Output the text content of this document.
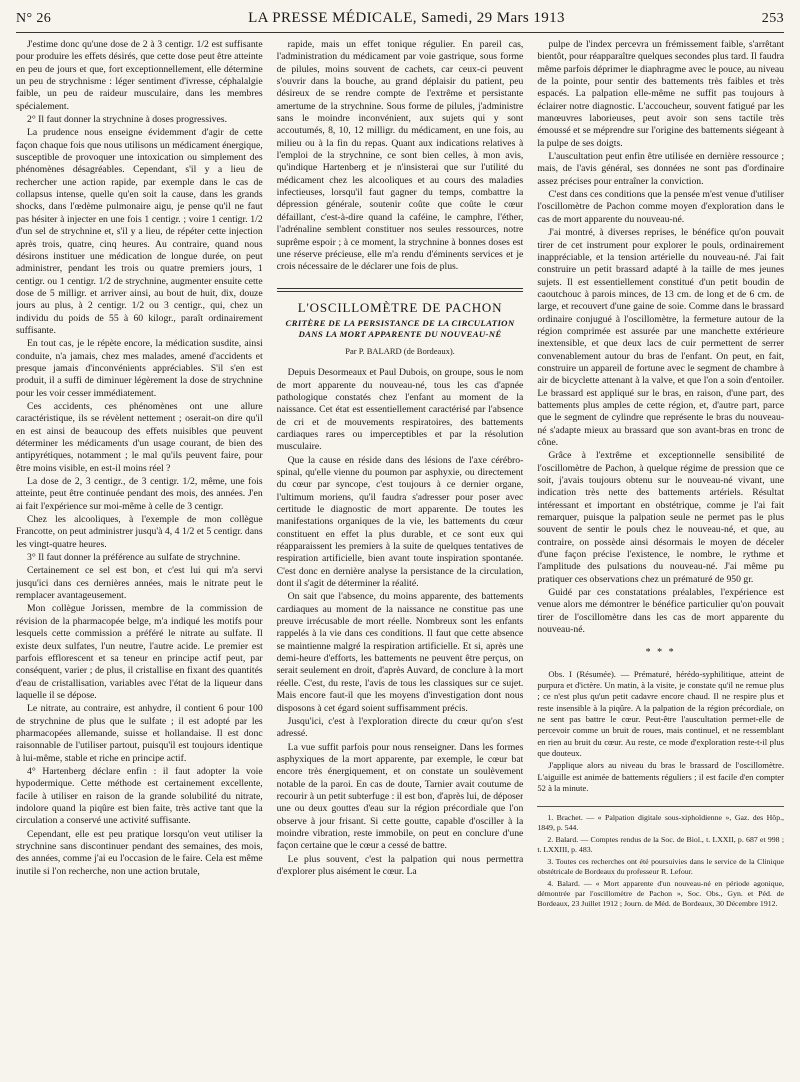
N° 26	LA PRESSE MÉDICALE, Samedi, 29 Mars 1913	253

J'estime donc qu'une dose de 2 à 3 centigr. 1/2 est suffisante pour produire les effets désirés, que cette dose peut être atteinte en peu de jours et que, fort exceptionnellement, elle détermine un peu de strychnisme : léger sentiment d'ivresse, céphalalgie faible, un peu de raideur musculaire, dans les membres spécialement.

2° Il faut donner la strychnine à doses progressives.

La prudence nous enseigne évidemment d'agir de cette façon chaque fois que nous utilisons un médicament énergique, susceptible de provoquer une intoxication ou simplement des phénomènes désagréables. Cependant, s'il y a lieu de rechercher une action rapide, par exemple dans le cas de collapsus intense, quelle qu'en soit la cause, dans les grands shocks, dans l'œdème pulmonaire aigu, je pense qu'il ne faut pas hésiter à injecter en une fois 1 centigr. ; voire 1 centigr. 1/2 d'un sel de strychnine et, s'il y a lieu, de répéter cette injection après trois, quatre, cinq heures. Au contraire, quand nous désirons instituer une médication de longue durée, on peut administrer, pendant les trois ou quatre premiers jours, 1 centigr. ou 1 centigr. 1/2 de strychnine, augmenter ensuite cette dose de 5 milligr. et arriver ainsi, au bout de huit, dix, douze jours au plus, à 2 centigr. 1/2 ou 3 centigr., qui, chez un individu du poids de 55 à 60 kilogr., paraît ordinairement suffisante.

En tout cas, je le répète encore, la médication susdite, ainsi conduite, n'a jamais, chez mes malades, amené d'accidents et presque jamais d'inconvénients appréciables. S'il s'en est produit, il a suffi de diminuer légèrement la dose de strychnine pour les voir cesser immédiatement.

Ces accidents, ces phénomènes ont une allure caractéristique, ils se révèlent nettement ; oserait-on dire qu'il en est ainsi de beaucoup des effets nuisibles que peuvent déterminer les médicaments d'un usage courant, de bien des antipyrétiques, notamment ; le mal qu'ils peuvent faire, pour être moins visible, en est-il moins réel ?

La dose de 2, 3 centigr., de 3 centigr. 1/2, même, une fois atteinte, peut être continuée pendant des mois, des années. J'en ai fait l'expérience sur moi-même à celle de 3 centigr.

Chez les alcooliques, à l'exemple de mon collègue Francotte, on peut administrer jusqu'à 4, 4 1/2 et 5 centigr. dans les vingt-quatre heures.

3° Il faut donner la préférence au sulfate de strychnine.

Certainement ce sel est bon, et c'est lui qui m'a servi jusqu'ici dans ces dernières années, mais le nitrate peut le remplacer avantageusement.

Mon collègue Jorissen, membre de la commission de révision de la pharmacopée belge, m'a indiqué les motifs pour lesquels cette commission a préféré le nitrate au sulfate. Il existe deux sulfates, l'un neutre, l'autre acide. Le premier est parfois efflorescent et sa teneur en principe actif peut, par conséquent, varier ; de plus, il cristallise en fixant des quantités d'eau de cristallisation, variables avec l'état de la liqueur dans laquelle il se dépose.

Le nitrate, au contraire, est anhydre, il contient 6 pour 100 de strychnine de plus que le sulfate ; il est adopté par les pharmacopées allemande, suisse et hollandaise. Il est donc raisonnable de l'utiliser partout, puisqu'il est toujours identique à lui-même, stable et riche en principe actif.

4° Hartenberg déclare enfin : il faut adopter la voie hypodermique. Cette méthode est certainement excellente, facile à utiliser en raison de la grande solubilité du nitrate, indolore quand la piqûre est bien faite, très active tant que la circulation a conservé une activité suffisante.

Cependant, elle est peu pratique lorsqu'on veut utiliser la strychnine sans discontinuer pendant des semaines, des mois, des années, comme j'ai eu l'occasion de le faire. Cela est même inutile si l'on recherche, non une action brutale,

rapide, mais un effet tonique régulier. En pareil cas, l'administration du médicament par voie gastrique, sous forme de pilules, moins souvent de cachets, car ceux-ci peuvent s'ouvrir dans la bouche, au grand déplaisir du patient, peu désireux de se rendre compte de l'extrême et persistante amertume de la strychnine. Sous forme de pilules, j'administre sans le moindre inconvénient, aux sujets qui y sont accoutumés, 8, 10, 12 milligr. du médicament, en une fois, au milieu ou à la fin du repas. Quant aux indications relatives à l'emploi de la strychnine, ce sont bien celles, à mon avis, qu'indique Hartenberg et je n'insisterai que sur l'utilité du médicament chez les alcooliques et au cours des maladies infectieuses, lorsqu'il faut gagner du temps, combattre la dépression générale, soutenir coûte que coûte le cœur défaillant, c'est-à-dire quand la caféine, le camphre, l'éther, l'adrénaline semblent constituer nos seules ressources, notre suprême espoir ; à ce moment, la strychnine à bonnes doses est une réserve précieuse, elle m'a rendu d'éminents services et je crois nécessaire de le déclarer une fois de plus.

L'OSCILLOMÈTRE DE PACHON
CRITÈRE DE LA PERSISTANCE DE LA CIRCULATION DANS LA MORT APPARENTE DU NOUVEAU-NÉ
Par P. BALARD (de Bordeaux).

Depuis Desormeaux et Paul Dubois, on groupe, sous le nom de mort apparente du nouveau-né, tous les cas d'apnée pathologique constatés chez l'enfant au moment de la naissance. Cet état est essentiellement caractérisé par l'absence de cri et de mouvements respiratoires, des battements cardiaques rares ou imperceptibles et par la résolution musculaire.

Que la cause en réside dans des lésions de l'axe cérébro-spinal, qu'elle vienne du poumon par asphyxie, ou directement du cœur par syncope, c'est toujours à ce dernier organe, l'ultimum moriens, qu'il faudra s'adresser pour poser avec certitude le diagnostic de mort apparente. De toutes les manifestations organiques de la vie, les battements du cœur constituent en effet la plus durable, et ce sont eux qui réapparaissent les premiers à la suite de quelques tentatives de respiration artificielle, bien avant toute inspiration spontanée. C'est donc en dernière analyse la persistance de la circulation, dont il s'agit de déterminer la réalité.

On sait que l'absence, du moins apparente, des battements cardiaques au moment de la naissance ne constitue pas une preuve irrécusable de mort réelle. Nombreux sont les enfants rappelés à la vie dans ces conditions. Il faut que cette absence se maintienne malgré la respiration artificielle. Et si, après une demi-heure d'efforts, les battements ne peuvent être perçus, on serait seulement en droit, d'après Auvard, de conclure à la mort réelle. C'est, du reste, l'avis de tous les classiques sur ce sujet. Mais encore faut-il que les moyens d'investigation dont nous disposons à cet égard soient suffisamment précis.

Jusqu'ici, c'est à l'exploration directe du cœur qu'on s'est adressé.

La vue suffit parfois pour nous renseigner. Dans les formes asphyxiques de la mort apparente, par exemple, le cœur bat encore très énergiquement, et on constate un soulèvement notable de la paroi. En cas de doute, Tarnier avait coutume de recourir à un petit subterfuge : il est bon, d'après lui, de déposer une ou deux gouttes d'eau sur la région précordiale que l'on observe à jour frisant. Si cette goutte, capable d'osciller à la moindre vibration, reste immobile, on peut en conclure d'une façon certaine que le cœur a cessé de battre.

Le plus souvent, c'est la palpation qui nous permettra d'explorer plus aisément le cœur. La

pulpe de l'index percevra un frémissement faible, s'arrêtant bientôt, pour réapparaître quelques secondes plus tard. Il faudra même parfois déprimer le diaphragme avec le pouce, au niveau de la pointe, pour sentir des battements très faibles et très espacés. La palpation elle-même ne suffit pas toujours à éclairer notre diagnostic. L'accoucheur, souvent fatigué par les manœuvres laborieuses, peut avoir son sens tactile très émoussé et se méprendre sur l'origine des battements siégeant à la pulpe de ses doigts.

L'auscultation peut enfin être utilisée en dernière ressource ; mais, de l'avis général, ses données ne sont pas d'ordinaire assez précises pour entraîner la conviction.

C'est dans ces conditions que la pensée m'est venue d'utiliser l'oscillomètre de Pachon comme moyen d'exploration dans le cas de mort apparente du nouveau-né.

J'ai montré, à diverses reprises, le bénéfice qu'on pouvait tirer de cet instrument pour explorer le pouls, ordinairement inappréciable, et la tension artérielle du nouveau-né. J'ai fait construire un petit brassard adapté à la taille de mes jeunes sujets. Il est essentiellement constitué d'un petit boudin de caoutchouc à parois minces, de 13 cm. de long et de 6 cm. de large, et recouvert d'une gaine de soie. Comme dans le brassard ordinaire conjugué à l'oscillomètre, la fermeture autour de la région comprimée est assurée par une manchette extérieure inextensible, et que deux lacs de cuir permettent de serrer convenablement autour du bras de l'enfant. On peut, en fait, construire un appareil de fortune avec le segment de chambre à air de bicyclette attenant à la valve, et que l'on a soin d'entoiler. Le brassard est appliqué sur le bras, en raison, d'une part, des battements plus amples de cette région, et, d'autre part, parce que le segment de cylindre que représente le bras du nouveau-né s'adapte mieux au brassard que son avant-bras en tronc de cône.

Grâce à l'extrême et exceptionnelle sensibilité de l'oscillomètre de Pachon, à quelque régime de pression que ce soit, j'avais toujours obtenu sur le nouveau-né vivant, une indication très nette des battements artériels. Résultat intéressant et important en obstétrique, comme je l'ai fait remarquer, puisque la palpation seule ne permet pas le plus souvent de sentir le pouls chez le nouveau-né, et que, au contraire, on possède ainsi désormais le moyen de déceler d'une façon précise l'existence, le nombre, le rythme et l'amplitude des pulsations du nouveau-né. J'ai même pu pratiquer ces observations chez un prématuré de 950 gr.

Guidé par ces constatations préalables, l'expérience est venue alors me démontrer le bénéfice particulier qu'on pouvait tirer de l'oscillomètre dans les cas de mort apparente du nouveau-né.

* * *

Obs. I (Résumée). — Prématuré, hérédo-syphilitique, atteint de purpura et d'ictère. Un matin, à la visite, je constate qu'il ne remue plus ; ce n'est plus qu'un petit cadavre encore chaud. Il ne respire plus et reste insensible à la piqûre. A la palpation de la région précordiale, on ne sent pas battre le cœur. Peut-être l'auscultation permet-elle de percevoir comme un bruit de roues, mais continuel, et ne ressemblant en rien au bruit du cœur. Au reste, ce mode d'exploration reste-t-il plus que douteux.

J'applique alors au niveau du bras le brassard de l'oscillomètre. L'aiguille est animée de battements réguliers ; il est facile d'en compter 52 à la minute.

1. Brachet. — « Palpation digitale sous-xiphoïdienne », Gaz. des Hôp., 1849, p. 544.
2. Balard. — Comptes rendus de la Soc. de Biol., t. LXXII, p. 687 et 998 ; t. LXXIII, p. 483.
3. Toutes ces recherches ont été poursuivies dans le service de la Clinique obstétricale de Bordeaux du professeur R. Lefour.
4. Balard. — « Mort apparente d'un nouveau-né en période agonique, démontrée par l'oscillomètre de Pachon », Soc. Obs., Gyn. et Péd. de Bordeaux, 23 Juillet 1912 ; Journ. de Méd. de Bordeaux, 30 Décembre 1912.
